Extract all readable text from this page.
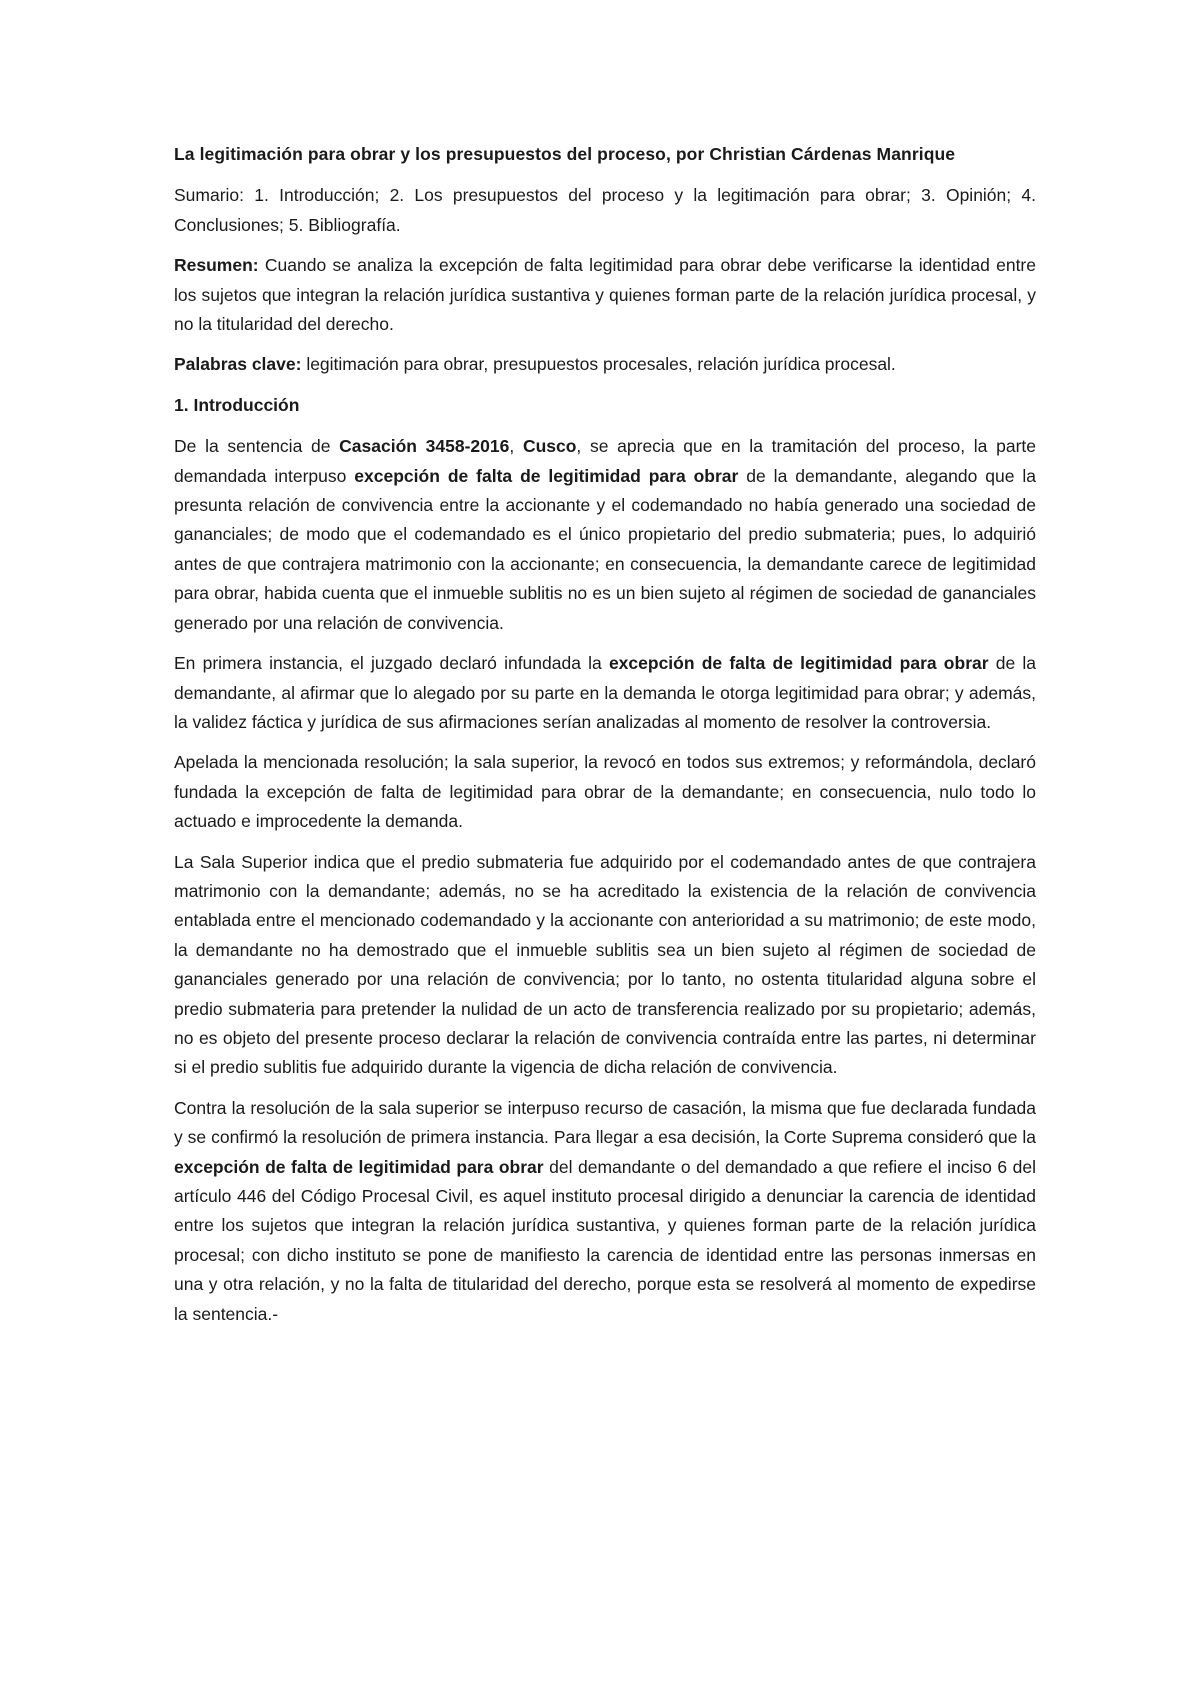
La legitimación para obrar y los presupuestos del proceso, por Christian Cárdenas Manrique

Sumario: 1. Introducción; 2. Los presupuestos del proceso y la legitimación para obrar; 3. Opinión; 4. Conclusiones; 5. Bibliografía.

Resumen: Cuando se analiza la excepción de falta legitimidad para obrar debe verificarse la identidad entre los sujetos que integran la relación jurídica sustantiva y quienes forman parte de la relación jurídica procesal, y no la titularidad del derecho.

Palabras clave: legitimación para obrar, presupuestos procesales, relación jurídica procesal.

1. Introducción

De la sentencia de Casación 3458-2016, Cusco, se aprecia que en la tramitación del proceso, la parte demandada interpuso excepción de falta de legitimidad para obrar de la demandante, alegando que la presunta relación de convivencia entre la accionante y el codemandado no había generado una sociedad de gananciales; de modo que el codemandado es el único propietario del predio submateria; pues, lo adquirió antes de que contrajera matrimonio con la accionante; en consecuencia, la demandante carece de legitimidad para obrar, habida cuenta que el inmueble sublitis no es un bien sujeto al régimen de sociedad de gananciales generado por una relación de convivencia.

En primera instancia, el juzgado declaró infundada la excepción de falta de legitimidad para obrar de la demandante, al afirmar que lo alegado por su parte en la demanda le otorga legitimidad para obrar; y además, la validez fáctica y jurídica de sus afirmaciones serían analizadas al momento de resolver la controversia.

Apelada la mencionada resolución; la sala superior, la revocó en todos sus extremos; y reformándola, declaró fundada la excepción de falta de legitimidad para obrar de la demandante; en consecuencia, nulo todo lo actuado e improcedente la demanda.

La Sala Superior indica que el predio submateria fue adquirido por el codemandado antes de que contrajera matrimonio con la demandante; además, no se ha acreditado la existencia de la relación de convivencia entablada entre el mencionado codemandado y la accionante con anterioridad a su matrimonio; de este modo, la demandante no ha demostrado que el inmueble sublitis sea un bien sujeto al régimen de sociedad de gananciales generado por una relación de convivencia; por lo tanto, no ostenta titularidad alguna sobre el predio submateria para pretender la nulidad de un acto de transferencia realizado por su propietario; además, no es objeto del presente proceso declarar la relación de convivencia contraída entre las partes, ni determinar si el predio sublitis fue adquirido durante la vigencia de dicha relación de convivencia.

Contra la resolución de la sala superior se interpuso recurso de casación, la misma que fue declarada fundada y se confirmó la resolución de primera instancia. Para llegar a esa decisión, la Corte Suprema consideró que la excepción de falta de legitimidad para obrar del demandante o del demandado a que refiere el inciso 6 del artículo 446 del Código Procesal Civil, es aquel instituto procesal dirigido a denunciar la carencia de identidad entre los sujetos que integran la relación jurídica sustantiva, y quienes forman parte de la relación jurídica procesal; con dicho instituto se pone de manifiesto la carencia de identidad entre las personas inmersas en una y otra relación, y no la falta de titularidad del derecho, porque esta se resolverá al momento de expedirse la sentencia.-
